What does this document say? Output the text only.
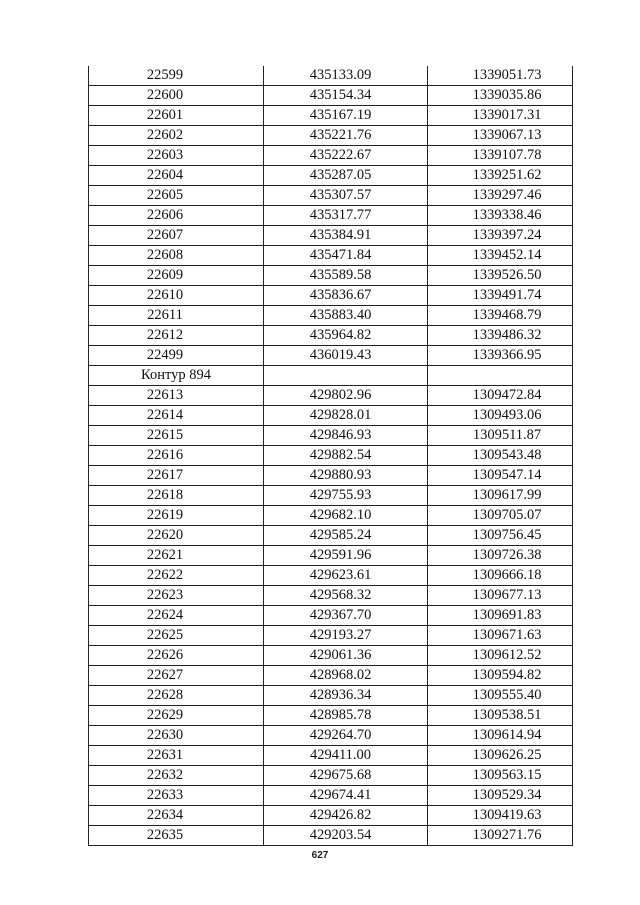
22599	435133.09	1339051.73
22600	435154.34	1339035.86
22601	435167.19	1339017.31
22602	435221.76	1339067.13
22603	435222.67	1339107.78
22604	435287.05	1339251.62
22605	435307.57	1339297.46
22606	435317.77	1339338.46
22607	435384.91	1339397.24
22608	435471.84	1339452.14
22609	435589.58	1339526.50
22610	435836.67	1339491.74
22611	435883.40	1339468.79
22612	435964.82	1339486.32
22499	436019.43	1339366.95
Контур 894		
22613	429802.96	1309472.84
22614	429828.01	1309493.06
22615	429846.93	1309511.87
22616	429882.54	1309543.48
22617	429880.93	1309547.14
22618	429755.93	1309617.99
22619	429682.10	1309705.07
22620	429585.24	1309756.45
22621	429591.96	1309726.38
22622	429623.61	1309666.18
22623	429568.32	1309677.13
22624	429367.70	1309691.83
22625	429193.27	1309671.63
22626	429061.36	1309612.52
22627	428968.02	1309594.82
22628	428936.34	1309555.40
22629	428985.78	1309538.51
22630	429264.70	1309614.94
22631	429411.00	1309626.25
22632	429675.68	1309563.15
22633	429674.41	1309529.34
22634	429426.82	1309419.63
22635	429203.54	1309271.76
627
